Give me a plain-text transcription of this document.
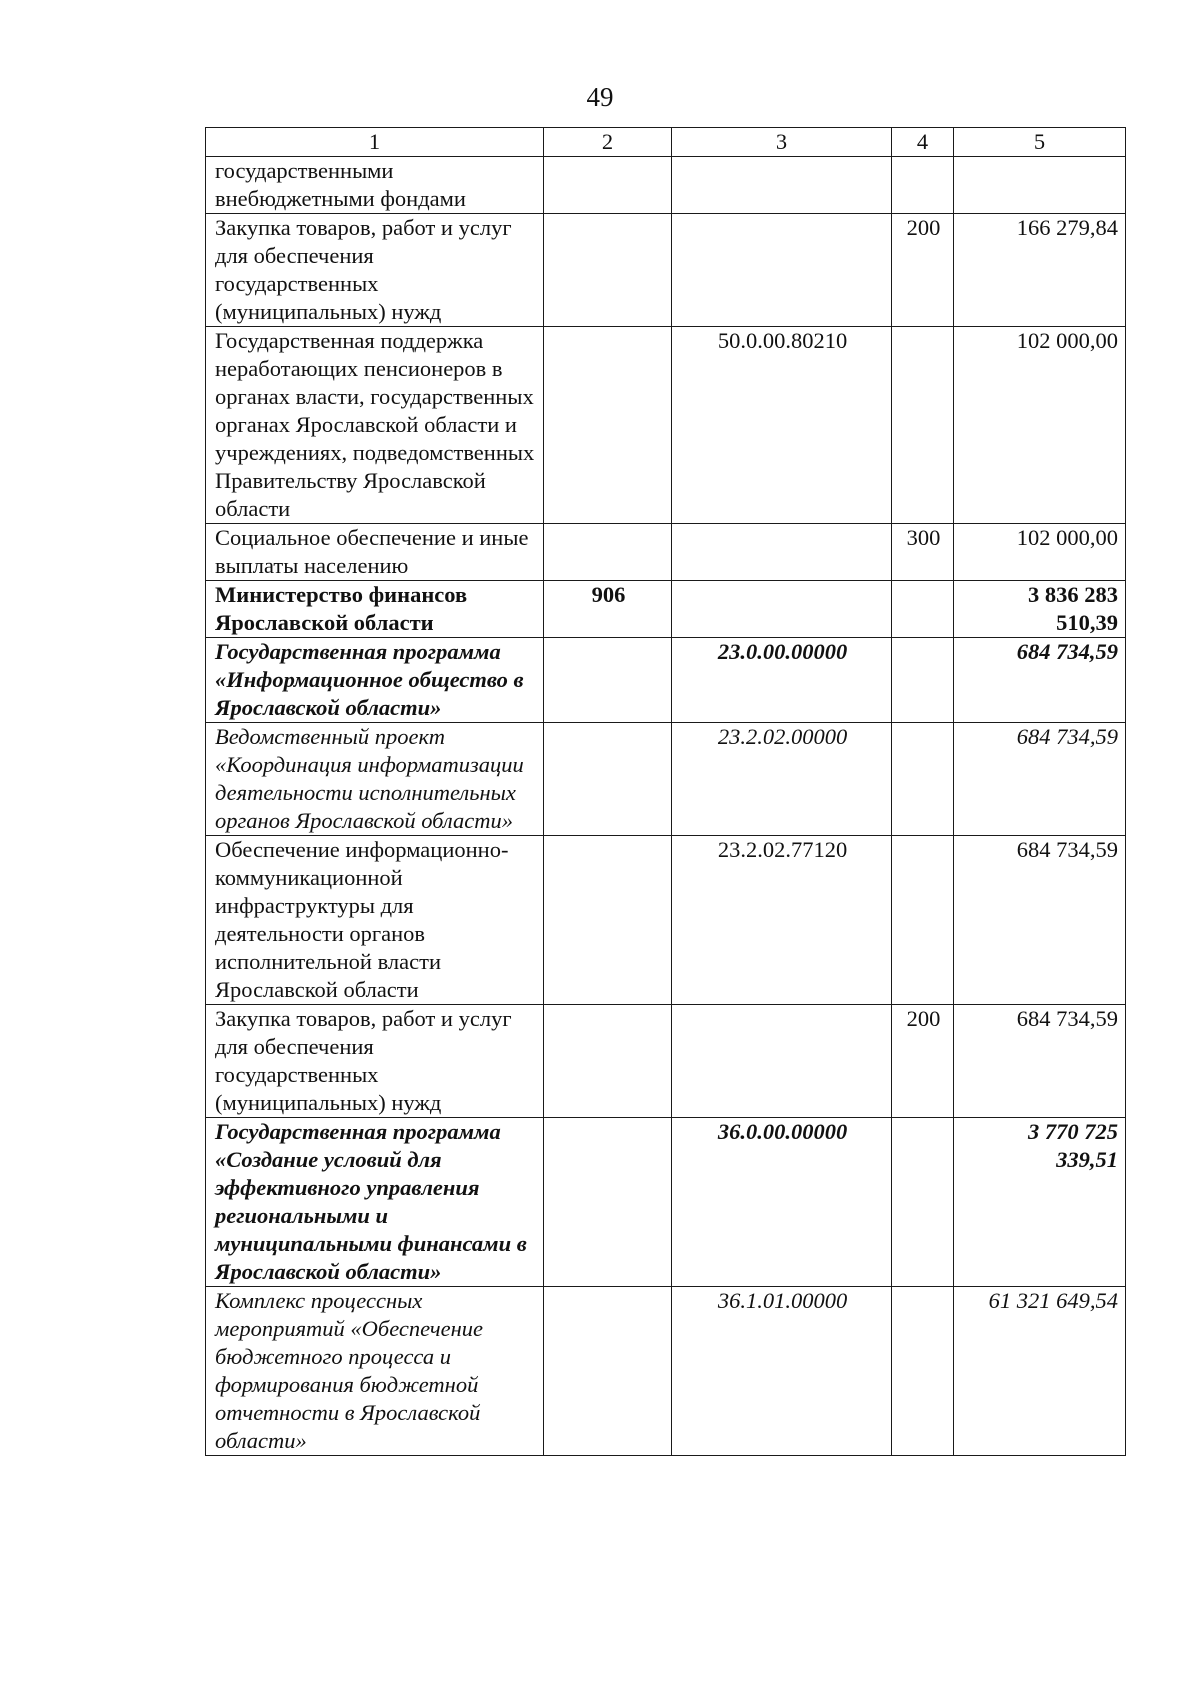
49
1	2	3	4	5
государственными внебюджетными фондами				
Закупка товаров, работ и услуг для обеспечения государственных (муниципальных) нужд			200	166 279,84
Государственная поддержка неработающих пенсионеров в органах власти, государственных органах Ярославской области и учреждениях, подведомственных Правительству Ярославской области		50.0.00.80210		102 000,00
Социальное обеспечение и иные выплаты населению			300	102 000,00
Министерство финансов Ярославской области	906			3 836 283 510,39
Государственная программа «Информационное общество в Ярославской области»		23.0.00.00000		684 734,59
Ведомственный проект «Координация информатизации деятельности исполнительных органов Ярославской области»		23.2.02.00000		684 734,59
Обеспечение информационно-коммуникационной инфраструктуры для деятельности органов исполнительной власти Ярославской области		23.2.02.77120		684 734,59
Закупка товаров, работ и услуг для обеспечения государственных (муниципальных) нужд			200	684 734,59
Государственная программа «Создание условий для эффективного управления региональными и муниципальными финансами в Ярославской области»		36.0.00.00000		3 770 725 339,51
Комплекс процессных мероприятий «Обеспечение бюджетного процесса и формирования бюджетной отчетности в Ярославской области»		36.1.01.00000		61 321 649,54
